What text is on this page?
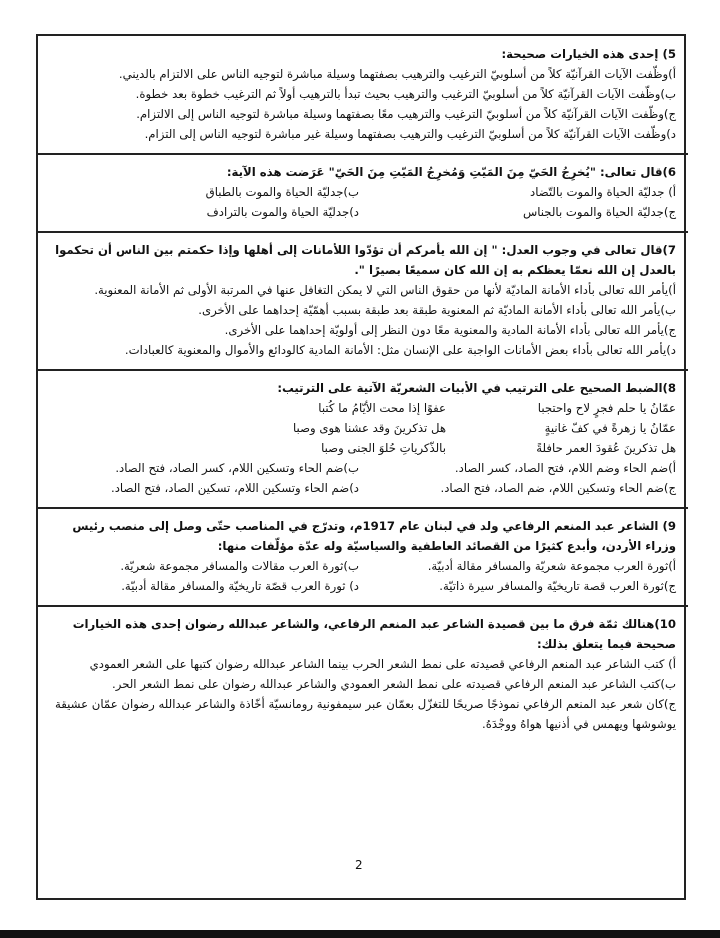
5) إحدى هذه الخيارات صحيحة:

أ)وظّفت الآيات القرآنيّة كلاً من أسلوبيّ الترغيب والترهيب بصفتهما وسيلة مباشرة لتوجيه الناس على الالتزام بالديني.

ب)وظّفت الآيات القرآنيّة كلاً من أسلوبيّ الترغيب والترهيب بحيث تبدأ بالترهيب أولاً ثم الترغيب خطوة بعد خطوة.

ج)وظّفت الآيات القرآنيّة كلاً من أسلوبيّ الترغيب والترهيب معًا بصفتهما وسيلة مباشرة لتوجيه الناس إلى الالتزام.

د)وظّفت الآيات القرآنيّة كلاً من أسلوبيّ الترغيب والترهيب بصفتهما وسيلة غير مباشرة لتوجيه الناس إلى التزام.

6)قال تعالى: "يُخرِجُ الحَيّ مِنَ المَيّتِ وَمُخرِجُ المَيّتِ مِنَ الحَيّ" عَرَضت هذه الآية:

أ) جدليّة الحياة والموت بالتّضاد
ب)جدليّة الحياة والموت بالطباق
ج)جدليّة الحياة والموت بالجناس
د)جدليّة الحياة والموت بالترادف

7)قال تعالى في وجوب العدل: " إن الله يأمركم أن تؤدّوا اللأمانات إلى أهلها وإذا حكمتم بين الناس أن تحكموا بالعدل إن الله نعمّا يعظكم به إن الله كان سميعًا بصيرًا ".

أ)يأمر الله تعالى بأداء الأمانة الماديّة لأنها من حقوق الناس التي لا يمكن التغافل عنها في المرتبة الأولى ثم الأمانة المعنوية.

ب)يأمر الله تعالى بأداء الأمانة الماديّة ثم المعنوية طبقة بعد طبقة بسبب أهمّيّة إحداهما على الأخرى.

ج)يأمر الله تعالى بأداء الأمانة المادية والمعنوية معًا دون النظر إلى أولويّة إحداهما على الأخرى.

د)يأمر الله تعالى بأداء بعض الأمانات الواجبة على الإنسان مثل: الأمانة المادية كالودائع والأموال والمعنوية كالعبادات.

8)الضبط الصحيح على الترتيب في الأبيات الشعريّة الآتية على الترتيب:

عمّانُ يا حلم فجرٍ لاح واحتجبا
عفوًا إذا محت الأيّامُ ما كُتبا
عمّانُ يا زهرةً في كفّ غانيةٍ
هل تذكرينَ وقد عشنا هوى وصبا
هل تذكرينَ عُقودَ العمر حافلةً
بالذّكرياتِ حُلوَ الجنى وصبا
أ)ضم الحاء وضم اللام، فتح الصاد، كسر الصاد.
ب)ضم الحاء وتسكين اللام، كسر الصاد، فتح الصاد.
ج)ضم الحاء وتسكين اللام، ضم الصاد، فتح الصاد.
د)ضم الحاء وتسكين اللام، تسكين الصاد، فتح الصاد.

9) الشاعر عبد المنعم الرفاعي ولد في لبنان عام 1917م، وتدرّج في المناصب حتّى وصل إلى منصب رئيس وزراء الأردن، وأبدع كثيرًا من القصائد العاطفية والسياسيّة وله عدّة مؤلّفات منها:

أ)ثورة العرب مجموعة شعريّة والمسافر مقالة أدبيّة.
ب)ثورة العرب مقالات والمسافر مجموعة شعريّة.
ج)ثورة العرب قصة تاريخيّة والمسافر سيرة ذاتيّة.
د) ثورة العرب قصّة تاريخيّة والمسافر مقالة أدبيّة.

10)هنالك ثمّة فرق ما بين قصيدة الشاعر عبد المنعم الرفاعي، والشاعر عبدالله رضوان إحدى هذه الخيارات صحيحة فيما يتعلق بذلك:

أ) كتب الشاعر عبد المنعم الرفاعي قصيدته على نمط الشعر الحرب بينما الشاعر عبدالله رضوان كتبها على الشعر العمودي

ب)كتب الشاعر عبد المنعم الرفاعي قصيدته على نمط الشعر العمودي والشاعر عبدالله رضوان على نمط الشعر الحر.

ج)كان شعر عبد المنعم الرفاعي نموذجًا صريحًا للتغزّل بعمّان عبر سيمفونية رومانسيّة أخّاذة والشاعر عبدالله رضوان عمّان عشيقة يوشوشها ويهمس في أذنيها هواهُ ووجْدَهُ.

2
